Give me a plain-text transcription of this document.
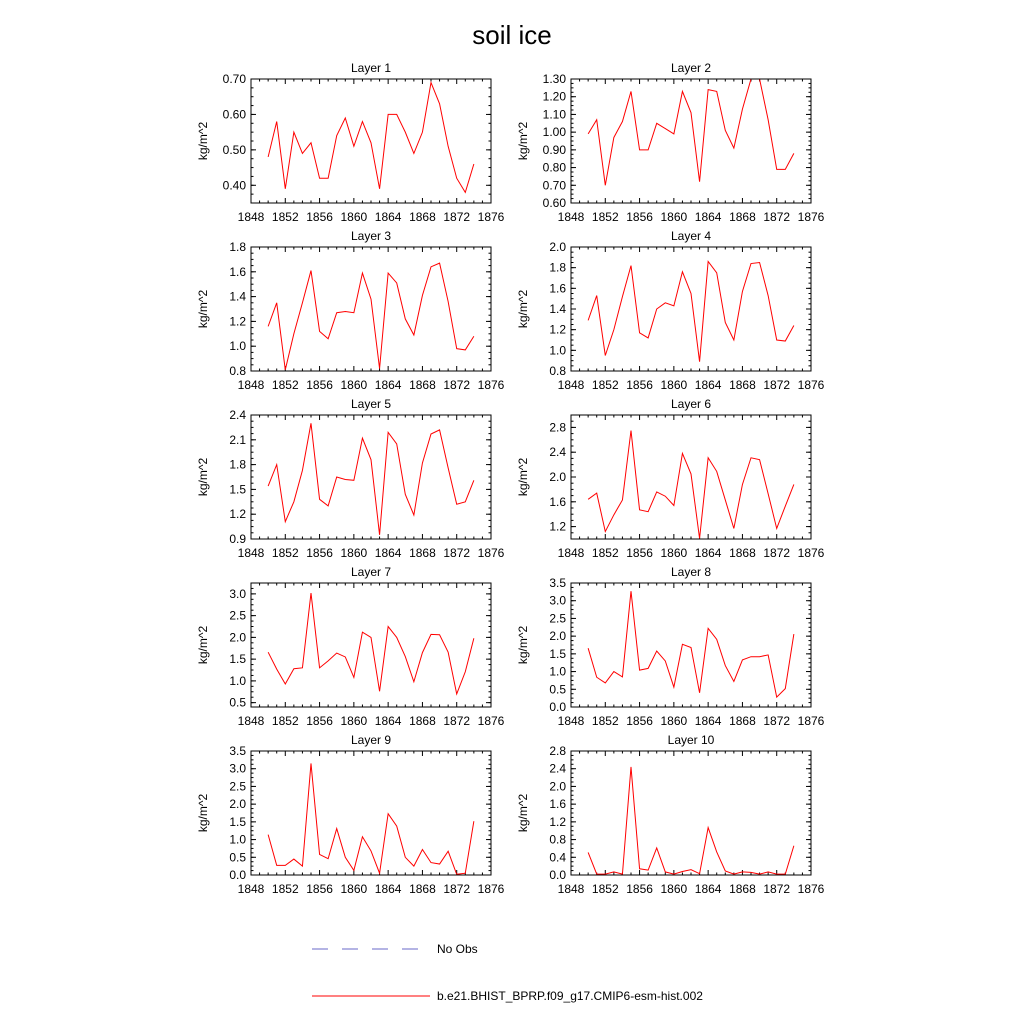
soil ice
Layer 1
kg/m^2
1848 1852 1856 1860 1864 1868 1872 1876
0.40
0.50
0.60
0.70
Layer 2
kg/m^2
1848 1852 1856 1860 1864 1868 1872 1876
0.60
0.70
0.80
0.90
1.00
1.10
1.20
1.30
Layer 3
kg/m^2
1848 1852 1856 1860 1864 1868 1872 1876
0.8
1.0
1.2
1.4
1.6
1.8
Layer 4
kg/m^2
1848 1852 1856 1860 1864 1868 1872 1876
0.8
1.0
1.2
1.4
1.6
1.8
2.0
Layer 5
kg/m^2
1848 1852 1856 1860 1864 1868 1872 1876
0.9
1.2
1.5
1.8
2.1
2.4
Layer 6
kg/m^2
1848 1852 1856 1860 1864 1868 1872 1876
1.2
1.6
2.0
2.4
2.8
Layer 7
kg/m^2
1848 1852 1856 1860 1864 1868 1872 1876
0.5
1.0
1.5
2.0
2.5
3.0
Layer 8
kg/m^2
1848 1852 1856 1860 1864 1868 1872 1876
0.0
0.5
1.0
1.5
2.0
2.5
3.0
3.5
Layer 9
kg/m^2
1848 1852 1856 1860 1864 1868 1872 1876
0.0
0.5
1.0
1.5
2.0
2.5
3.0
3.5
Layer 10
kg/m^2
1848 1852 1856 1860 1864 1868 1872 1876
0.0
0.4
0.8
1.2
1.6
2.0
2.4
2.8
No Obs
b.e21.BHIST_BPRP.f09_g17.CMIP6-esm-hist.002
